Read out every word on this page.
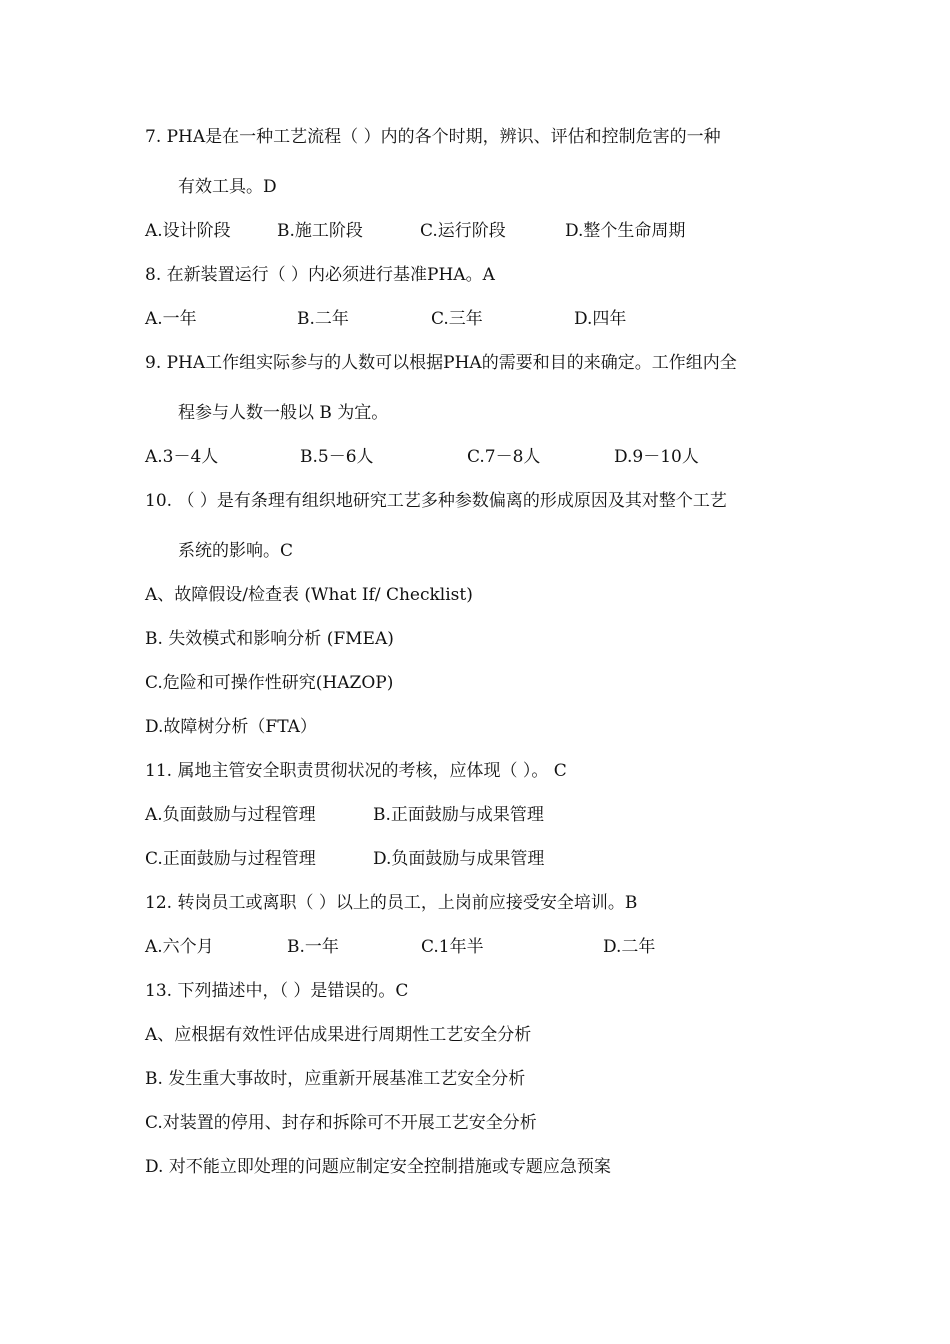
7. PHA是在一种工艺流程（ ）内的各个时期，辨识、评估和控制危害的一种

有效工具。D

A.设计阶段	B.施工阶段	C.运行阶段	D.整个生命周期

8. 在新装置运行（ ）内必须进行基准PHA。A

A.一年	B.二年	C.三年	D.四年

9. PHA工作组实际参与的人数可以根据PHA的需要和目的来确定。工作组内全

程参与人数一般以 B 为宜。

A.3－4人	B.5－6人	C.7－8人	D.9－10人

10. （ ）是有条理有组织地研究工艺多种参数偏离的形成原因及其对整个工艺

系统的影响。C

A、故障假设/检查表 (What If/ Checklist)

B. 失效模式和影响分析 (FMEA)

C.危险和可操作性研究(HAZOP)

D.故障树分析（FTA）

11. 属地主管安全职责贯彻状况的考核，应体现（ ）。 C

A.负面鼓励与过程管理	B.正面鼓励与成果管理
C.正面鼓励与过程管理	D.负面鼓励与成果管理

12. 转岗员工或离职（ ）以上的员工，上岗前应接受安全培训。B

A.六个月	B.一年	C.1年半	D.二年

13. 下列描述中，（ ）是错误的。C

A、应根据有效性评估成果进行周期性工艺安全分析

B. 发生重大事故时，应重新开展基准工艺安全分析

C.对装置的停用、封存和拆除可不开展工艺安全分析

D. 对不能立即处理的问题应制定安全控制措施或专题应急预案
